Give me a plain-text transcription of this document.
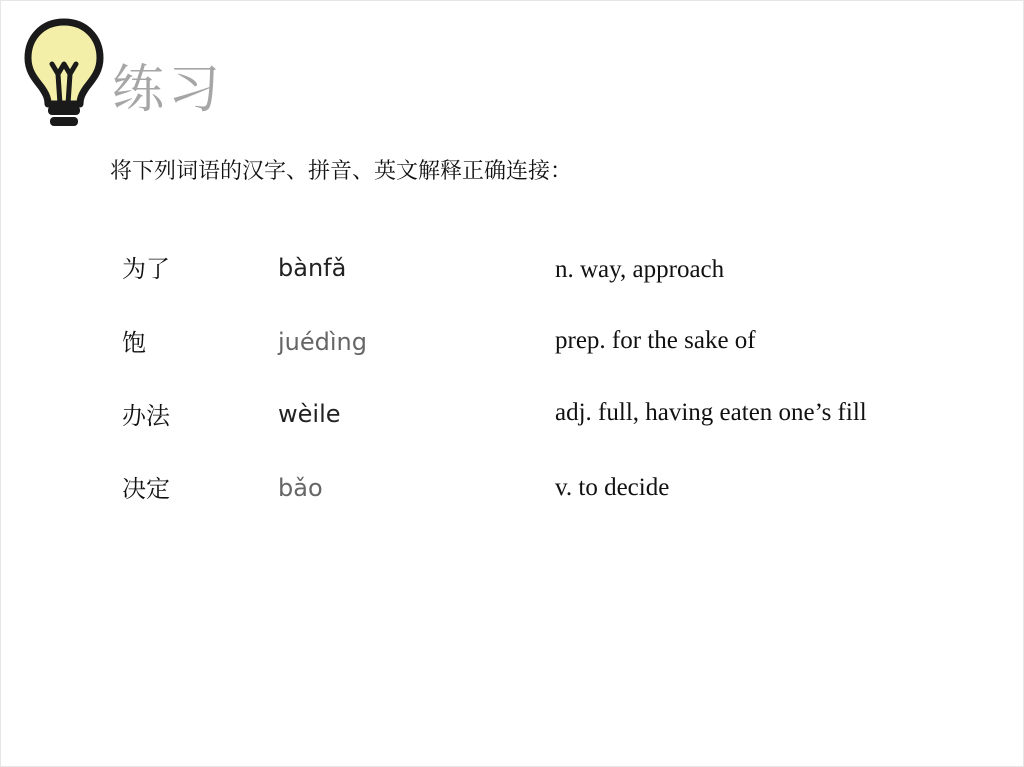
练习
将下列词语的汉字、拼音、英文解释正确连接：
为了
饱
办法
决定
bànfǎ
juédìng
wèile
bǎo
n. way, approach
prep. for the sake of
adj. full, having eaten one’s fill
v. to decide
